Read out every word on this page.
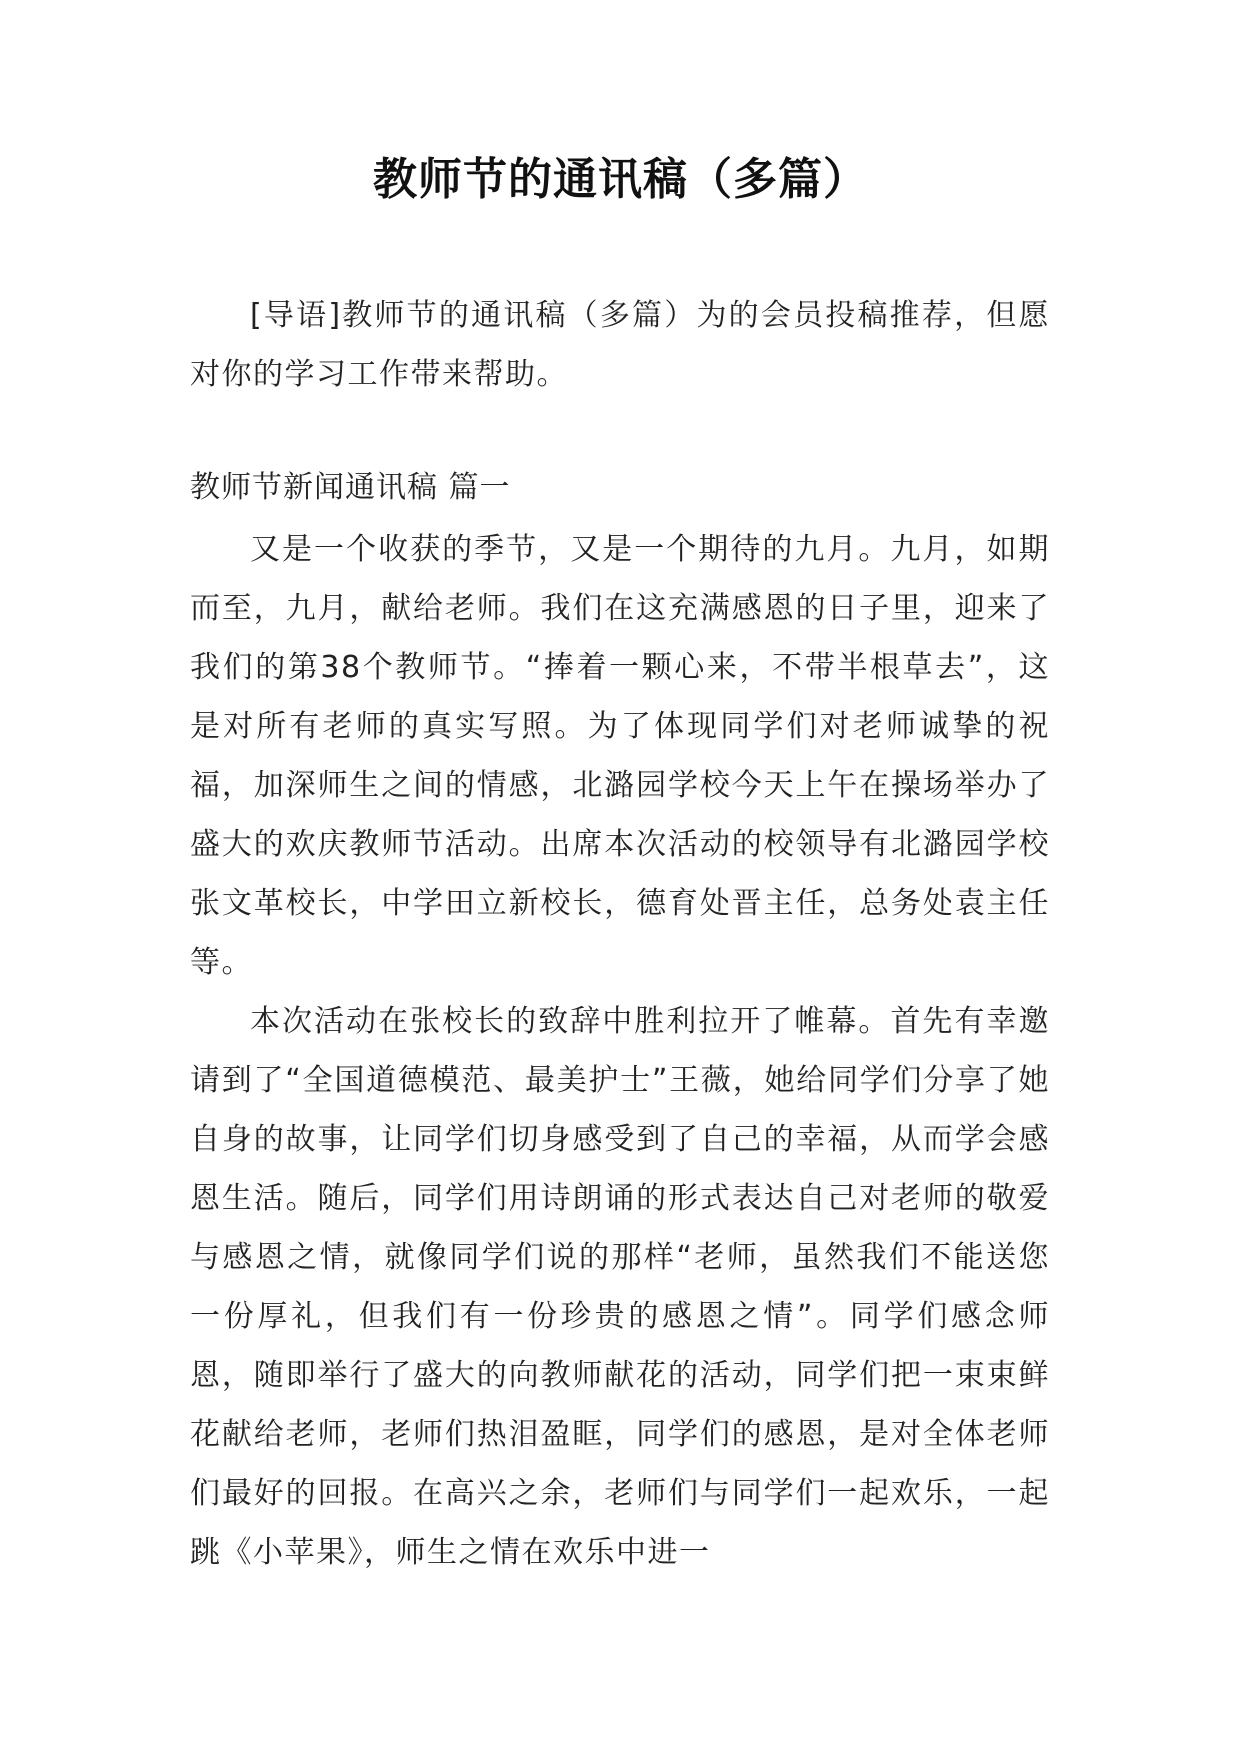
教师节的通讯稿（多篇）

[导语]教师节的通讯稿（多篇）为的会员投稿推荐，但愿对你的学习工作带来帮助。

教师节新闻通讯稿 篇一

又是一个收获的季节，又是一个期待的九月。九月，如期而至，九月，献给老师。我们在这充满感恩的日子里，迎来了我们的第38个教师节。“捧着一颗心来，不带半根草去”，这是对所有老师的真实写照。为了体现同学们对老师诚挚的祝福，加深师生之间的情感，北潞园学校今天上午在操场举办了盛大的欢庆教师节活动。出席本次活动的校领导有北潞园学校张文革校长，中学田立新校长，德育处晋主任，总务处袁主任等。

本次活动在张校长的致辞中胜利拉开了帷幕。首先有幸邀请到了“全国道德模范、最美护士”王薇，她给同学们分享了她自身的故事，让同学们切身感受到了自己的幸福，从而学会感恩生活。随后，同学们用诗朗诵的形式表达自己对老师的敬爱与感恩之情，就像同学们说的那样“老师，虽然我们不能送您一份厚礼，但我们有一份珍贵的感恩之情”。同学们感念师恩，随即举行了盛大的向教师献花的活动，同学们把一束束鲜花献给老师，老师们热泪盈眶，同学们的感恩，是对全体老师们最好的回报。在高兴之余，老师们与同学们一起欢乐，一起跳《小苹果》，师生之情在欢乐中进一
